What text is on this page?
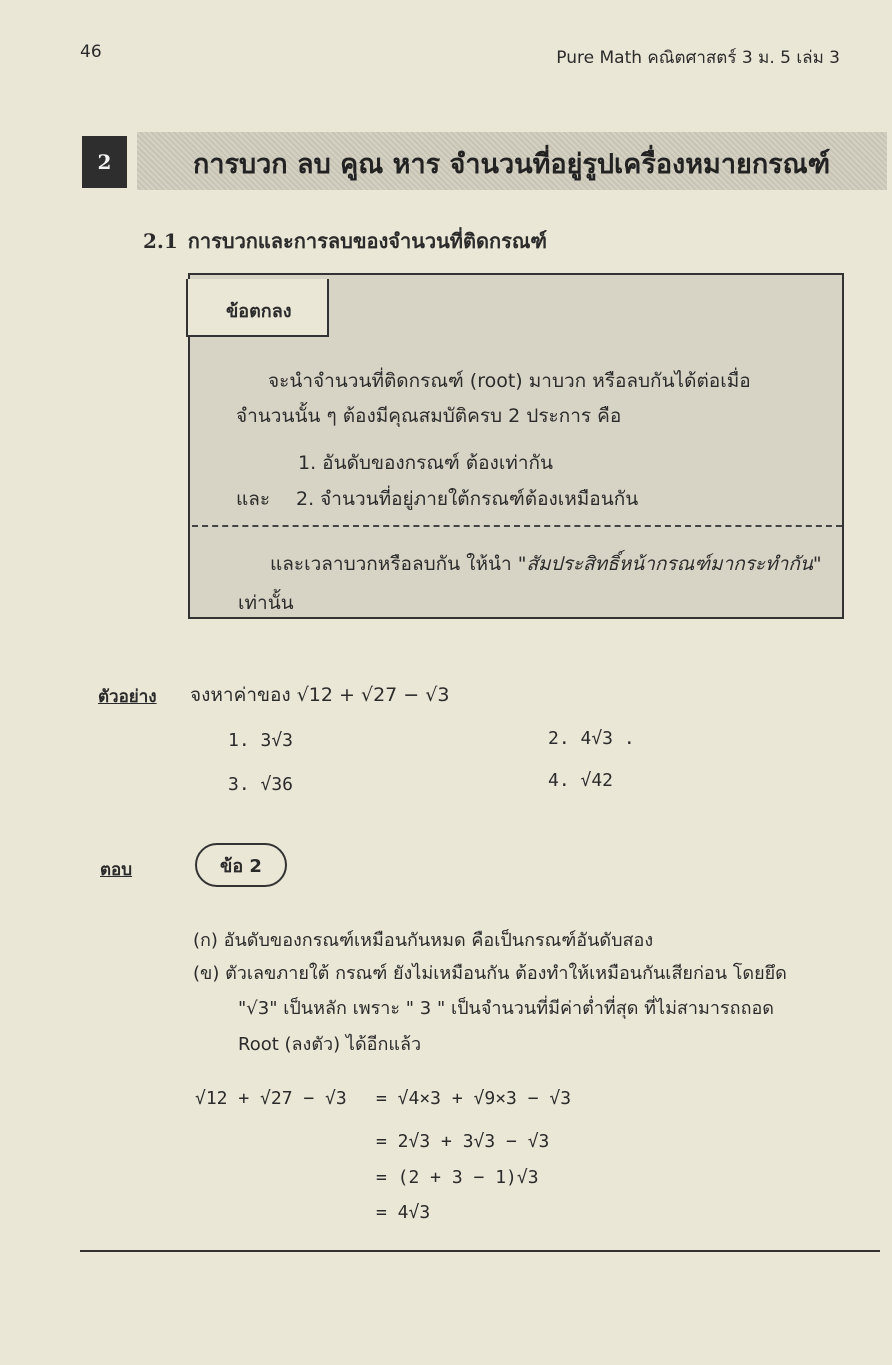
46	Pure Math คณิตศาสตร์ 3 ม. 5 เล่ม 3
2	การบวก ลบ คูณ หาร จำนวนที่อยู่รูปเครื่องหมายกรณฑ์
2.1 การบวกและการลบของจำนวนที่ติดกรณฑ์
ข้อตกลง
จะนำจำนวนที่ติดกรณฑ์ (root) มาบวก หรือลบกันได้ต่อเมื่อ
จำนวนนั้น ๆ ต้องมีคุณสมบัติครบ 2 ประการ คือ
1. อันดับของกรณฑ์ ต้องเท่ากัน
และ 2. จำนวนที่อยู่ภายใต้กรณฑ์ต้องเหมือนกัน
และเวลาบวกหรือลบกัน ให้นำ "สัมประสิทธิ์หน้ากรณฑ์มากระทำกัน"
เท่านั้น
ตัวอย่าง จงหาค่าของ √12 + √27 − √3
1. 3√3	2. 4√3 .
3. √36	4. √42
ตอบ	ข้อ 2
(ก) อันดับของกรณฑ์เหมือนกันหมด คือเป็นกรณฑ์อันดับสอง
(ข) ตัวเลขภายใต้ กรณฑ์ ยังไม่เหมือนกัน ต้องทำให้เหมือนกันเสียก่อน โดยยึด
"√3" เป็นหลัก เพราะ " 3 " เป็นจำนวนที่มีค่าต่ำที่สุด ที่ไม่สามารถถอด
Root (ลงตัว) ได้อีกแล้ว
√12 + √27 − √3 = √4×3 + √9×3 − √3
= 2√3 + 3√3 − √3
= (2 + 3 − 1)√3
= 4√3
